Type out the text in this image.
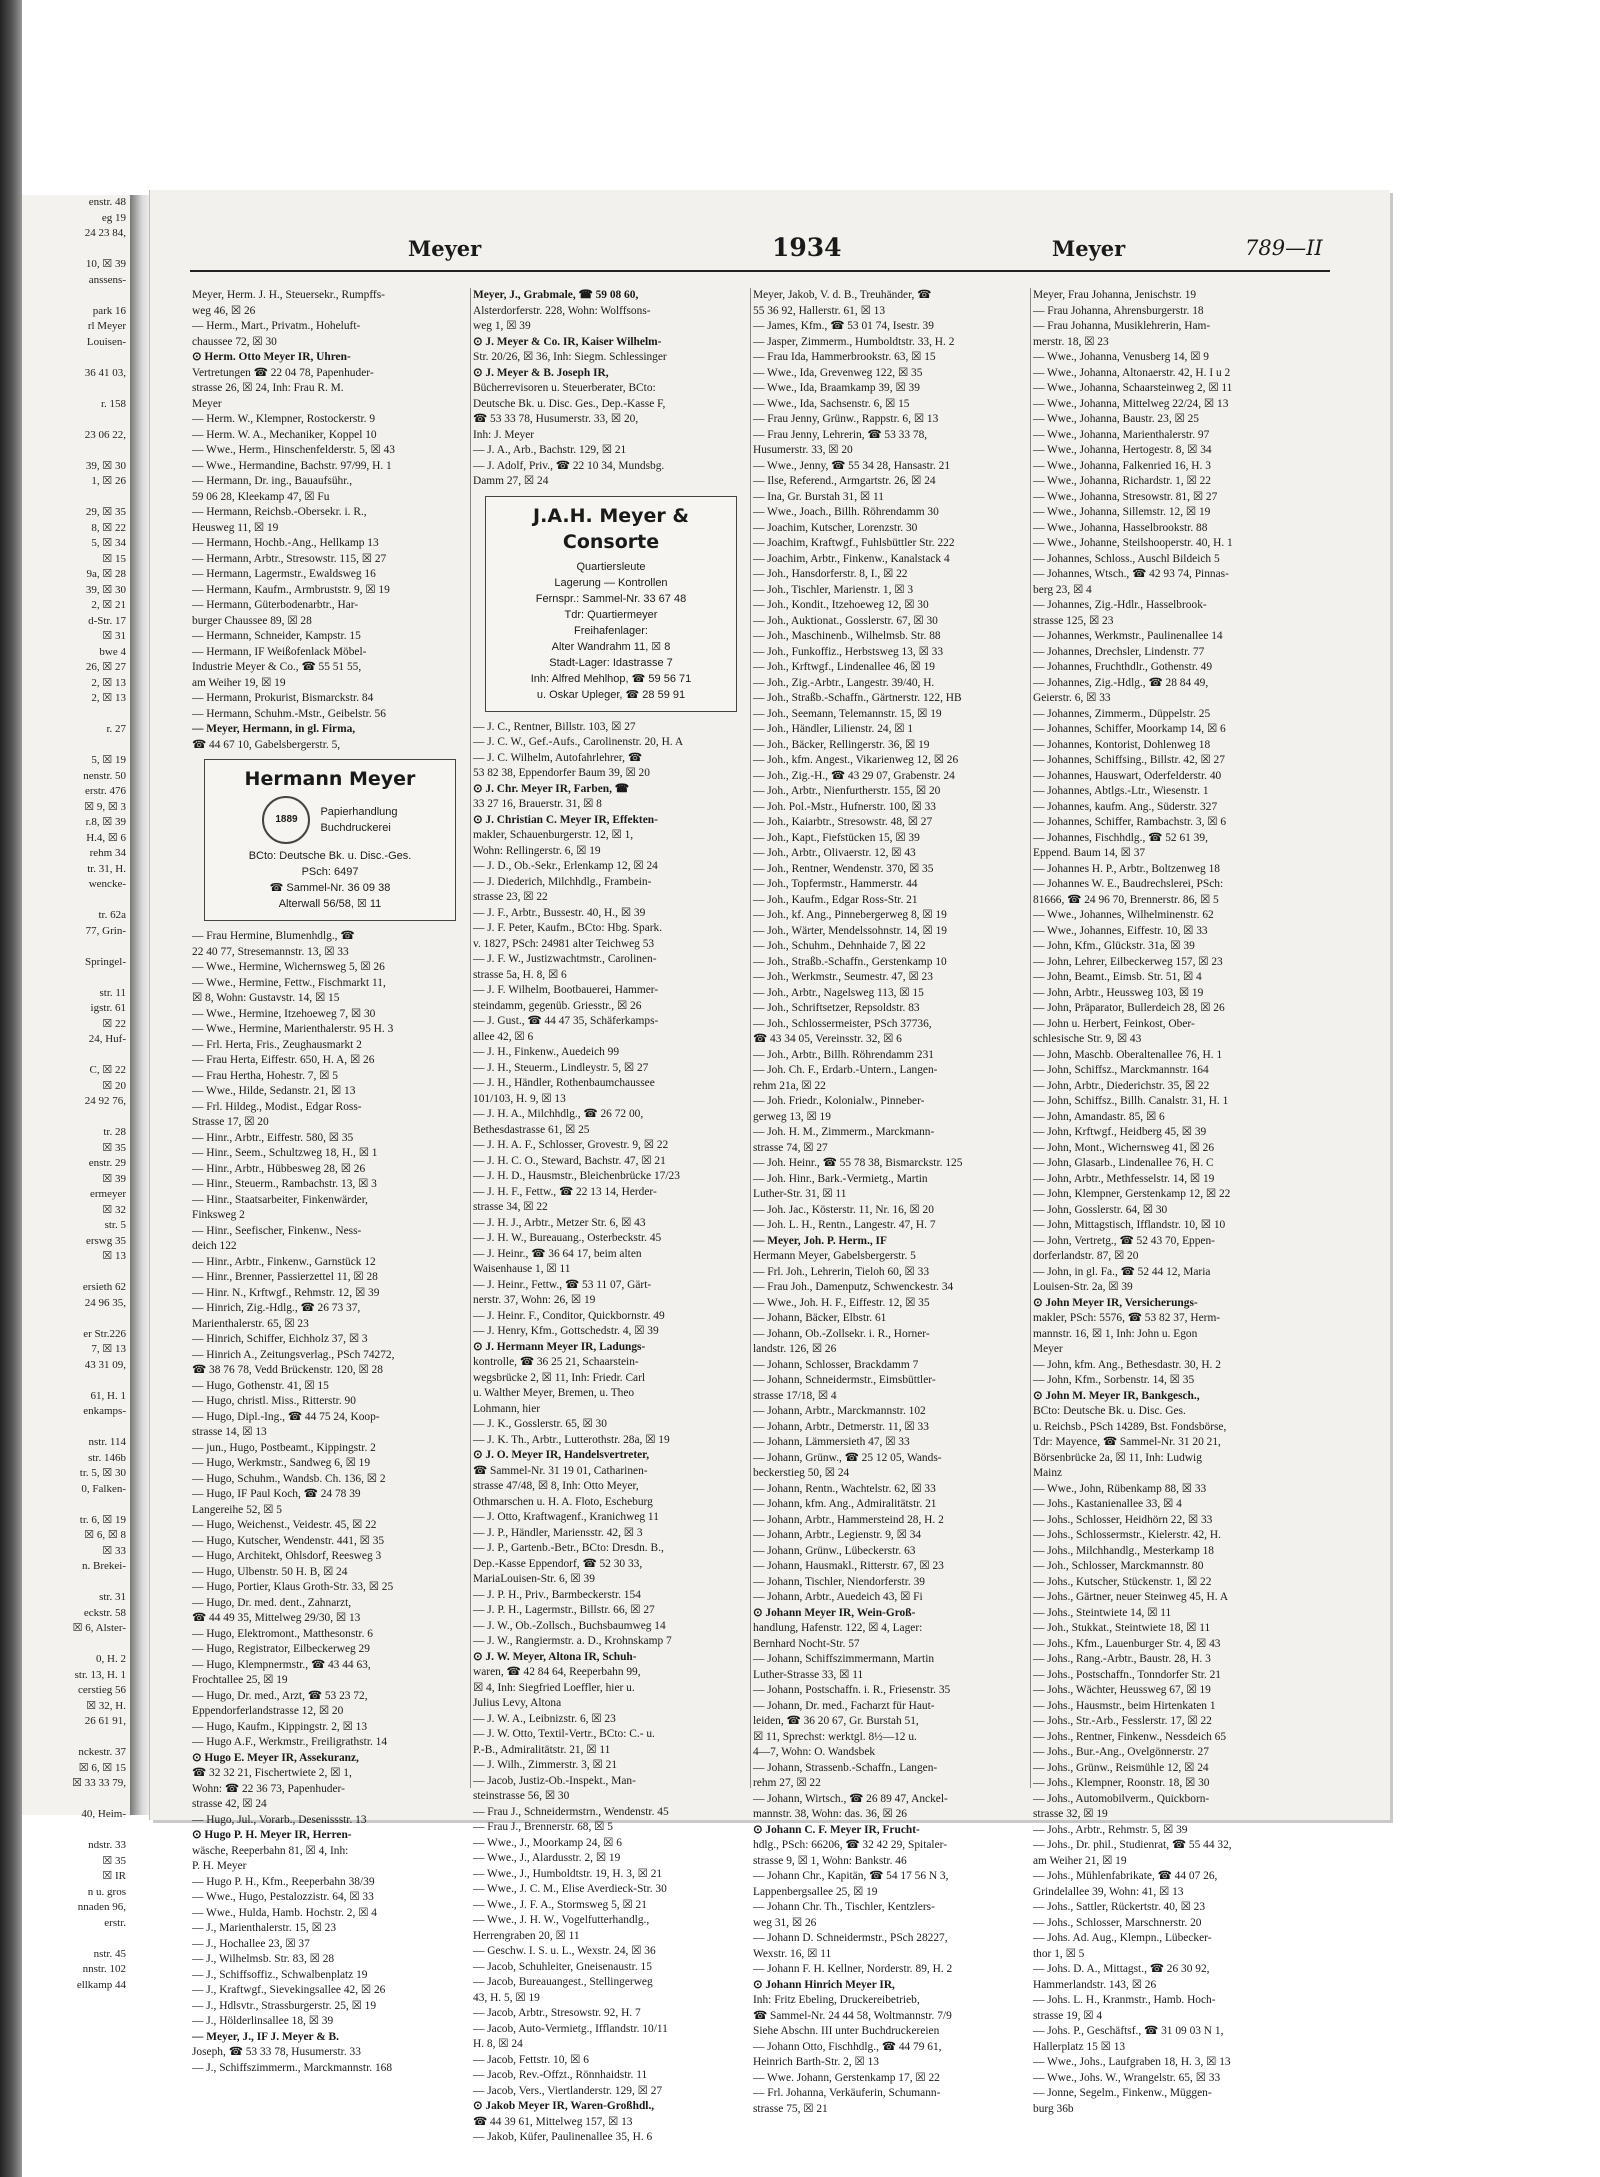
enstr. 48
eg 19
24 23 84,

10, ☒ 39
anssens-

park 16
rl Meyer
Louisen-

36 41 03,

r. 158

23 06 22,

39, ☒ 30
1, ☒ 26

29, ☒ 35
8, ☒ 22
5, ☒ 34
☒ 15
9a, ☒ 28
39, ☒ 30
2, ☒ 21
d-Str. 17
☒ 31
bwe 4
26, ☒ 27
2, ☒ 13
2, ☒ 13

r. 27

5, ☒ 19
nenstr. 50
erstr. 476
☒ 9, ☒ 3
r.8, ☒ 39
H.4, ☒ 6
rehm 34
tr. 31, H.
wencke-

tr. 62a
77, Grin-

Springel-

str. 11
igstr. 61
☒ 22
24, Huf-

C, ☒ 22
☒ 20
24 92 76,

tr. 28
☒ 35
enstr. 29
☒ 39
ermeyer
☒ 32
str. 5
erswg 35
☒ 13

ersieth 62
24 96 35,

er Str.226
7, ☒ 13
43 31 09,

61, H. 1
enkamps-

nstr. 114
str. 146b
tr. 5, ☒ 30
0, Falken-

tr. 6, ☒ 19
☒ 6, ☒ 8
☒ 33
n. Brekei-

str. 31
eckstr. 58
☒ 6, Alster-

0, H. 2
str. 13, H. 1
cerstieg 56
☒ 32, H.
26 61 91,

nckestr. 37
☒ 6, ☒ 15
☒ 33 33 79,

40, Heim-

ndstr. 33
☒ 35
☒ IR
n u. gros
nnaden 96,
erstr.

nstr. 45
nnstr. 102
ellkamp 44
Meyer	1934	Meyer	789—II
Meyer, Herm. J. H., Steuersekr., Rumpffs-
weg 46, ☒ 26
— Herm., Mart., Privatm., Hoheluft-
chaussee 72, ☒ 30
⊙ Herm. Otto Meyer IR, Uhren-
Vertretungen ☎ 22 04 78, Papenhuder-
strasse 26, ☒ 24, Inh: Frau R. M.
Meyer
— Herm. W., Klempner, Rostockerstr. 9
— Herm. W. A., Mechaniker, Koppel 10
— Wwe., Herm., Hinschenfelderstr. 5, ☒ 43
— Wwe., Hermandine, Bachstr. 97/99, H. 1
— Hermann, Dr. ing., Bauaufsühr.,
59 06 28, Kleekamp 47, ☒ Fu
— Hermann, Reichsb.-Obersekr. i. R.,
Heusweg 11, ☒ 19
— Hermann, Hochb.-Ang., Hellkamp 13
— Hermann, Arbtr., Stresowstr. 115, ☒ 27
— Hermann, Lagermstr., Ewaldsweg 16
— Hermann, Kaufm., Armbruststr. 9, ☒ 19
— Hermann, Güterbodenarbtr., Har-
burger Chaussee 89, ☒ 28
— Hermann, Schneider, Kampstr. 15
— Hermann, IF Weißofenlack Möbel-
Industrie Meyer & Co., ☎ 55 51 55,
am Weiher 19, ☒ 19
— Hermann, Prokurist, Bismarckstr. 84
— Hermann, Schuhm.-Mstr., Geibelstr. 56
— Meyer, Hermann, in gl. Firma,
☎ 44 67 10, Gabelsbergerstr. 5,
Hermann Meyer
1889
Papierhandlung
Buchdruckerei
BCto: Deutsche Bk. u. Disc.-Ges.
PSch: 6497
☎ Sammel-Nr. 36 09 38
Alterwall 56/58, ☒ 11
— Frau Hermine, Blumenhdlg., ☎
22 40 77, Stresemannstr. 13, ☒ 33
— Wwe., Hermine, Wichernsweg 5, ☒ 26
— Wwe., Hermine, Fettw., Fischmarkt 11,
☒ 8, Wohn: Gustavstr. 14, ☒ 15
— Wwe., Hermine, Itzehoeweg 7, ☒ 30
— Wwe., Hermine, Marienthalerstr. 95 H. 3
— Frl. Herta, Fris., Zeughausmarkt 2
— Frau Herta, Eiffestr. 650, H. A, ☒ 26
— Frau Hertha, Hohestr. 7, ☒ 5
— Wwe., Hilde, Sedanstr. 21, ☒ 13
— Frl. Hildeg., Modist., Edgar Ross-
Strasse 17, ☒ 20
— Hinr., Arbtr., Eiffestr. 580, ☒ 35
— Hinr., Seem., Schultzweg 18, H., ☒ 1
— Hinr., Arbtr., Hübbesweg 28, ☒ 26
— Hinr., Steuerm., Rambachstr. 13, ☒ 3
— Hinr., Staatsarbeiter, Finkenwärder,
Finksweg 2
— Hinr., Seefischer, Finkenw., Ness-
deich 122
— Hinr., Arbtr., Finkenw., Garnstück 12
— Hinr., Brenner, Passierzettel 11, ☒ 28
— Hinr. N., Krftwgf., Rehmstr. 12, ☒ 39
— Hinrich, Zig.-Hdlg., ☎ 26 73 37,
Marienthalerstr. 65, ☒ 23
— Hinrich, Schiffer, Eichholz 37, ☒ 3
— Hinrich A., Zeitungsverlag., PSch 74272,
☎ 38 76 78, Vedd Brückenstr. 120, ☒ 28
— Hugo, Gothenstr. 41, ☒ 15
— Hugo, christl. Miss., Ritterstr. 90
— Hugo, Dipl.-Ing., ☎ 44 75 24, Koop-
strasse 14, ☒ 13
— jun., Hugo, Postbeamt., Kippingstr. 2
— Hugo, Werkmstr., Sandweg 6, ☒ 19
— Hugo, Schuhm., Wandsb. Ch. 136, ☒ 2
— Hugo, IF Paul Koch, ☎ 24 78 39
Langereihe 52, ☒ 5
— Hugo, Weichenst., Veidestr. 45, ☒ 22
— Hugo, Kutscher, Wendenstr. 441, ☒ 35
— Hugo, Architekt, Ohlsdorf, Reesweg 3
— Hugo, Ulbenstr. 50 H. B, ☒ 24
— Hugo, Portier, Klaus Groth-Str. 33, ☒ 25
— Hugo, Dr. med. dent., Zahnarzt,
☎ 44 49 35, Mittelweg 29/30, ☒ 13
— Hugo, Elektromont., Matthesonstr. 6
— Hugo, Registrator, Eilbeckerweg 29
— Hugo, Klempnermstr., ☎ 43 44 63,
Frochtallee 25, ☒ 19
— Hugo, Dr. med., Arzt, ☎ 53 23 72,
Eppendorferlandstrasse 12, ☒ 20
— Hugo, Kaufm., Kippingstr. 2, ☒ 13
— Hugo A.F., Werkmstr., Freiligrathstr. 14
⊙ Hugo E. Meyer IR, Assekuranz,
☎ 32 32 21, Fischertwiete 2, ☒ 1,
Wohn: ☎ 22 36 73, Papenhuder-
strasse 42, ☒ 24
— Hugo, Jul., Vorarb., Desenissstr. 13
⊙ Hugo P. H. Meyer IR, Herren-
wäsche, Reeperbahn 81, ☒ 4, Inh:
P. H. Meyer
— Hugo P. H., Kfm., Reeperbahn 38/39
— Wwe., Hugo, Pestalozzistr. 64, ☒ 33
— Wwe., Hulda, Hamb. Hochstr. 2, ☒ 4
— J., Marienthalerstr. 15, ☒ 23
— J., Hochallee 23, ☒ 37
— J., Wilhelmsb. Str. 83, ☒ 28
— J., Schiffsoffiz., Schwalbenplatz 19
— J., Kraftwgf., Sievekingsallee 42, ☒ 26
— J., Hdlsvtr., Strassburgerstr. 25, ☒ 19
— J., Hölderlinsallee 18, ☒ 39
— Meyer, J., IF J. Meyer & B.
Joseph, ☎ 53 33 78, Husumerstr. 33
— J., Schiffszimmerm., Marckmannstr. 168
Meyer, J., Grabmale, ☎ 59 08 60,
Alsterdorferstr. 228, Wohn: Wolffsons-
weg 1, ☒ 39
⊙ J. Meyer & Co. IR, Kaiser Wilhelm-
Str. 20/26, ☒ 36, Inh: Siegm. Schlessinger
⊙ J. Meyer & B. Joseph IR,
Bücherrevisoren u. Steuerberater, BCto:
Deutsche Bk. u. Disc. Ges., Dep.-Kasse F,
☎ 53 33 78, Husumerstr. 33, ☒ 20,
Inh: J. Meyer
— J. A., Arb., Bachstr. 129, ☒ 21
— J. Adolf, Priv., ☎ 22 10 34, Mundsbg.
Damm 27, ☒ 24
J.A.H. Meyer & Consorte
Quartiersleute
Lagerung — Kontrollen
Fernspr.: Sammel-Nr. 33 67 48
Tdr: Quartiermeyer
Freihafenlager:
Alter Wandrahm 11, ☒ 8
Stadt-Lager: Idastrasse 7
Inh: Alfred Mehlhop, ☎ 59 56 71
u. Oskar Upleger, ☎ 28 59 91
— J. C., Rentner, Billstr. 103, ☒ 27
— J. C. W., Gef.-Aufs., Carolinenstr. 20, H. A
— J. C. Wilhelm, Autofahrlehrer, ☎
53 82 38, Eppendorfer Baum 39, ☒ 20
⊙ J. Chr. Meyer IR, Farben, ☎
33 27 16, Brauerstr. 31, ☒ 8
⊙ J. Christian C. Meyer IR, Effekten-
makler, Schauenburgerstr. 12, ☒ 1,
Wohn: Rellingerstr. 6, ☒ 19
— J. D., Ob.-Sekr., Erlenkamp 12, ☒ 24
— J. Diederich, Milchhdlg., Frambein-
strasse 23, ☒ 22
— J. F., Arbtr., Bussestr. 40, H., ☒ 39
— J. F. Peter, Kaufm., BCto: Hbg. Spark.
v. 1827, PSch: 24981 alter Teichweg 53
— J. F. W., Justizwachtmstr., Carolinen-
strasse 5a, H. 8, ☒ 6
— J. F. Wilhelm, Bootbauerei, Hammer-
steindamm, gegenüb. Griesstr., ☒ 26
— J. Gust., ☎ 44 47 35, Schäferkamps-
allee 42, ☒ 6
— J. H., Finkenw., Auedeich 99
— J. H., Steuerm., Lindleystr. 5, ☒ 27
— J. H., Händler, Rothenbaumchaussee
101/103, H. 9, ☒ 13
— J. H. A., Milchhdlg., ☎ 26 72 00,
Bethesdastrasse 61, ☒ 25
— J. H. A. F., Schlosser, Grovestr. 9, ☒ 22
— J. H. C. O., Steward, Bachstr. 47, ☒ 21
— J. H. D., Hausmstr., Bleichenbrücke 17/23
— J. H. F., Fettw., ☎ 22 13 14, Herder-
strasse 34, ☒ 22
— J. H. J., Arbtr., Metzer Str. 6, ☒ 43
— J. H. W., Bureauang., Osterbeckstr. 45
— J. Heinr., ☎ 36 64 17, beim alten
Waisenhause 1, ☒ 11
— J. Heinr., Fettw., ☎ 53 11 07, Gärt-
nerstr. 37, Wohn: 26, ☒ 19
— J. Heinr. F., Conditor, Quickbornstr. 49
— J. Henry, Kfm., Gottschedstr. 4, ☒ 39
⊙ J. Hermann Meyer IR, Ladungs-
kontrolle, ☎ 36 25 21, Schaarstein-
wegsbrücke 2, ☒ 11, Inh: Friedr. Carl
u. Walther Meyer, Bremen, u. Theo
Lohmann, hier
— J. K., Gosslerstr. 65, ☒ 30
— J. K. Th., Arbtr., Lutterothstr. 28a, ☒ 19
⊙ J. O. Meyer IR, Handelsvertreter,
☎ Sammel-Nr. 31 19 01, Catharinen-
strasse 47/48, ☒ 8, Inh: Otto Meyer,
Othmarschen u. H. A. Floto, Escheburg
— J. Otto, Kraftwagenf., Kranichweg 11
— J. P., Händler, Mariensstr. 42, ☒ 3
— J. P., Gartenb.-Betr., BCto: Dresdn. B.,
Dep.-Kasse Eppendorf, ☎ 52 30 33,
MariaLouisen-Str. 6, ☒ 39
— J. P. H., Priv., Barmbeckerstr. 154
— J. P. H., Lagermstr., Billstr. 66, ☒ 27
— J. W., Ob.-Zollsch., Buchsbaumweg 14
— J. W., Rangiermstr. a. D., Krohnskamp 7
⊙ J. W. Meyer, Altona IR, Schuh-
waren, ☎ 42 84 64, Reeperbahn 99,
☒ 4, Inh: Siegfried Loeffler, hier u.
Julius Levy, Altona
— J. W. A., Leibnizstr. 6, ☒ 23
— J. W. Otto, Textil-Vertr., BCto: C.- u.
P.-B., Admiralitätstr. 21, ☒ 11
— J. Wilh., Zimmerstr. 3, ☒ 21
— Jacob, Justiz-Ob.-Inspekt., Man-
steinstrasse 56, ☒ 30
— Frau J., Schneidermstrn., Wendenstr. 45
— Frau J., Brennerstr. 68, ☒ 5
— Wwe., J., Moorkamp 24, ☒ 6
— Wwe., J., Alardusstr. 2, ☒ 19
— Wwe., J., Humboldtstr. 19, H. 3, ☒ 21
— Wwe., J. C. M., Elise Averdieck-Str. 30
— Wwe., J. F. A., Stormsweg 5, ☒ 21
— Wwe., J. H. W., Vogelfutterhandlg.,
Herrengraben 20, ☒ 11
— Geschw. I. S. u. L., Wexstr. 24, ☒ 36
— Jacob, Schuhleiter, Gneisenaustr. 15
— Jacob, Bureauangest., Stellingerweg
43, H. 5, ☒ 19
— Jacob, Arbtr., Stresowstr. 92, H. 7
— Jacob, Auto-Vermietg., Ifflandstr. 10/11
H. 8, ☒ 24
— Jacob, Fettstr. 10, ☒ 6
— Jacob, Rev.-Offzt., Rönnhaidstr. 11
— Jacob, Vers., Viertlanderstr. 129, ☒ 27
⊙ Jakob Meyer IR, Waren-Großhdl.,
☎ 44 39 61, Mittelweg 157, ☒ 13
— Jakob, Küfer, Paulinenallee 35, H. 6
Meyer, Jakob, V. d. B., Treuhänder, ☎
55 36 92, Hallerstr. 61, ☒ 13
— James, Kfm., ☎ 53 01 74, Isestr. 39
— Jasper, Zimmerm., Humboldtstr. 33, H. 2
— Frau Ida, Hammerbrookstr. 63, ☒ 15
— Wwe., Ida, Grevenweg 122, ☒ 35
— Wwe., Ida, Braamkamp 39, ☒ 39
— Wwe., Ida, Sachsenstr. 6, ☒ 15
— Frau Jenny, Grünw., Rappstr. 6, ☒ 13
— Frau Jenny, Lehrerin, ☎ 53 33 78,
Husumerstr. 33, ☒ 20
— Wwe., Jenny, ☎ 55 34 28, Hansastr. 21
— Ilse, Referend., Armgartstr. 26, ☒ 24
— Ina, Gr. Burstah 31, ☒ 11
— Wwe., Joach., Billh. Röhrendamm 30
— Joachim, Kutscher, Lorenzstr. 30
— Joachim, Kraftwgf., Fuhlsbüttler Str. 222
— Joachim, Arbtr., Finkenw., Kanalstack 4
— Joh., Hansdorferstr. 8, I., ☒ 22
— Joh., Tischler, Marienstr. 1, ☒ 3
— Joh., Kondit., Itzehoeweg 12, ☒ 30
— Joh., Auktionat., Gosslerstr. 67, ☒ 30
— Joh., Maschinenb., Wilhelmsb. Str. 88
— Joh., Funkoffiz., Herbstsweg 13, ☒ 33
— Joh., Krftwgf., Lindenallee 46, ☒ 19
— Joh., Zig.-Arbtr., Langestr. 39/40, H.
— Joh., Straßb.-Schaffn., Gärtnerstr. 122, HB
— Joh., Seemann, Telemannstr. 15, ☒ 19
— Joh., Händler, Lilienstr. 24, ☒ 1
— Joh., Bäcker, Rellingerstr. 36, ☒ 19
— Joh., kfm. Angest., Vikarienweg 12, ☒ 26
— Joh., Zig.-H., ☎ 43 29 07, Grabenstr. 24
— Joh., Arbtr., Nienfurtherstr. 155, ☒ 20
— Joh. Pol.-Mstr., Hufnerstr. 100, ☒ 33
— Joh., Kaiarbtr., Stresowstr. 48, ☒ 27
— Joh., Kapt., Fiefstücken 15, ☒ 39
— Joh., Arbtr., Olivaerstr. 12, ☒ 43
— Joh., Rentner, Wendenstr. 370, ☒ 35
— Joh., Topfermstr., Hammerstr. 44
— Joh., Kaufm., Edgar Ross-Str. 21
— Joh., kf. Ang., Pinnebergerweg 8, ☒ 19
— Joh., Wärter, Mendelssohnstr. 14, ☒ 19
— Joh., Schuhm., Dehnhaide 7, ☒ 22
— Joh., Straßb.-Schaffn., Gerstenkamp 10
— Joh., Werkmstr., Seumestr. 47, ☒ 23
— Joh., Arbtr., Nagelsweg 113, ☒ 15
— Joh., Schriftsetzer, Repsoldstr. 83
— Joh., Schlossermeister, PSch 37736,
☎ 43 34 05, Vereinsstr. 32, ☒ 6
— Joh., Arbtr., Billh. Röhrendamm 231
— Joh. Ch. F., Erdarb.-Untern., Langen-
rehm 21a, ☒ 22
— Joh. Friedr., Kolonialw., Pinneber-
gerweg 13, ☒ 19
— Joh. H. M., Zimmerm., Marckmann-
strasse 74, ☒ 27
— Joh. Heinr., ☎ 55 78 38, Bismarckstr. 125
— Joh. Hinr., Bark.-Vermietg., Martin
Luther-Str. 31, ☒ 11
— Joh. Jac., Kösterstr. 11, Nr. 16, ☒ 20
— Joh. L. H., Rentn., Langestr. 47, H. 7
— Meyer, Joh. P. Herm., IF
Hermann Meyer, Gabelsbergerstr. 5
— Frl. Joh., Lehrerin, Tieloh 60, ☒ 33
— Frau Joh., Damenputz, Schwenckestr. 34
— Wwe., Joh. H. F., Eiffestr. 12, ☒ 35
— Johann, Bäcker, Elbstr. 61
— Johann, Ob.-Zollsekr. i. R., Horner-
landstr. 126, ☒ 26
— Johann, Schlosser, Brackdamm 7
— Johann, Schneidermstr., Eimsbüttler-
strasse 17/18, ☒ 4
— Johann, Arbtr., Marckmannstr. 102
— Johann, Arbtr., Detmerstr. 11, ☒ 33
— Johann, Lämmersieth 47, ☒ 33
— Johann, Grünw., ☎ 25 12 05, Wands-
beckerstieg 50, ☒ 24
— Johann, Rentn., Wachtelstr. 62, ☒ 33
— Johann, kfm. Ang., Admiralitätstr. 21
— Johann, Arbtr., Hammersteind 28, H. 2
— Johann, Arbtr., Legienstr. 9, ☒ 34
— Johann, Grünw., Lübeckerstr. 63
— Johann, Hausmakl., Ritterstr. 67, ☒ 23
— Johann, Tischler, Niendorferstr. 39
— Johann, Arbtr., Auedeich 43, ☒ Fi
⊙ Johann Meyer IR, Wein-Groß-
handlung, Hafenstr. 122, ☒ 4, Lager:
Bernhard Nocht-Str. 57
— Johann, Schiffszimmermann, Martin
Luther-Strasse 33, ☒ 11
— Johann, Postschaffn. i. R., Friesenstr. 35
— Johann, Dr. med., Facharzt für Haut-
leiden, ☎ 36 20 67, Gr. Burstah 51,
☒ 11, Sprechst: werktgl. 8½—12 u.
4—7, Wohn: O. Wandsbek
— Johann, Strassenb.-Schaffn., Langen-
rehm 27, ☒ 22
— Johann, Wirtsch., ☎ 26 89 47, Anckel-
mannstr. 38, Wohn: das. 36, ☒ 26
⊙ Johann C. F. Meyer IR, Frucht-
hdlg., PSch: 66206, ☎ 32 42 29, Spitaler-
strasse 9, ☒ 1, Wohn: Bankstr. 46
— Johann Chr., Kapitän, ☎ 54 17 56 N 3,
Lappenbergsallee 25, ☒ 19
— Johann Chr. Th., Tischler, Kentzlers-
weg 31, ☒ 26
— Johann D. Schneidermstr., PSch 28227,
Wexstr. 16, ☒ 11
— Johann F. H. Kellner, Norderstr. 89, H. 2
⊙ Johann Hinrich Meyer IR,
Inh: Fritz Ebeling, Druckereibetrieb,
☎ Sammel-Nr. 24 44 58, Woltmannstr. 7/9
Siehe Abschn. III unter Buchdruckereien
— Johann Otto, Fischhdlg., ☎ 44 79 61,
Heinrich Barth-Str. 2, ☒ 13
— Wwe. Johann, Gerstenkamp 17, ☒ 22
— Frl. Johanna, Verkäuferin, Schumann-
strasse 75, ☒ 21
Meyer, Frau Johanna, Jenischstr. 19
— Frau Johanna, Ahrensburgerstr. 18
— Frau Johanna, Musiklehrerin, Ham-
merstr. 18, ☒ 23
— Wwe., Johanna, Venusberg 14, ☒ 9
— Wwe., Johanna, Altonaerstr. 42, H. I u 2
— Wwe., Johanna, Schaarsteinweg 2, ☒ 11
— Wwe., Johanna, Mittelweg 22/24, ☒ 13
— Wwe., Johanna, Baustr. 23, ☒ 25
— Wwe., Johanna, Marienthalerstr. 97
— Wwe., Johanna, Hertogestr. 8, ☒ 34
— Wwe., Johanna, Falkenried 16, H. 3
— Wwe., Johanna, Richardstr. 1, ☒ 22
— Wwe., Johanna, Stresowstr. 81, ☒ 27
— Wwe., Johanna, Sillemstr. 12, ☒ 19
— Wwe., Johanna, Hasselbrookstr. 88
— Wwe., Johanne, Steilshooperstr. 40, H. 1
— Johannes, Schloss., Auschl Bildeich 5
— Johannes, Wtsch., ☎ 42 93 74, Pinnas-
berg 23, ☒ 4
— Johannes, Zig.-Hdlr., Hasselbrook-
strasse 125, ☒ 23
— Johannes, Werkmstr., Paulinenallee 14
— Johannes, Drechsler, Lindenstr. 77
— Johannes, Fruchthdlr., Gothenstr. 49
— Johannes, Zig.-Hdlg., ☎ 28 84 49,
Geierstr. 6, ☒ 33
— Johannes, Zimmerm., Düppelstr. 25
— Johannes, Schiffer, Moorkamp 14, ☒ 6
— Johannes, Kontorist, Dohlenweg 18
— Johannes, Schiffsing., Billstr. 42, ☒ 27
— Johannes, Hauswart, Oderfelderstr. 40
— Johannes, Abtlgs.-Ltr., Wiesenstr. 1
— Johannes, kaufm. Ang., Süderstr. 327
— Johannes, Schiffer, Rambachstr. 3, ☒ 6
— Johannes, Fischhdlg., ☎ 52 61 39,
Eppend. Baum 14, ☒ 37
— Johannes H. P., Arbtr., Boltzenweg 18
— Johannes W. E., Baudrechslerei, PSch:
81666, ☎ 24 96 70, Brennerstr. 86, ☒ 5
— Wwe., Johannes, Wilhelminenstr. 62
— Wwe., Johannes, Eiffestr. 10, ☒ 33
— John, Kfm., Glückstr. 31a, ☒ 39
— John, Lehrer, Eilbeckerweg 157, ☒ 23
— John, Beamt., Eimsb. Str. 51, ☒ 4
— John, Arbtr., Heussweg 103, ☒ 19
— John, Präparator, Bullerdeich 28, ☒ 26
— John u. Herbert, Feinkost, Ober-
schlesische Str. 9, ☒ 43
— John, Maschb. Oberaltenallee 76, H. 1
— John, Schiffsz., Marckmannstr. 164
— John, Arbtr., Diederichstr. 35, ☒ 22
— John, Schiffsz., Billh. Canalstr. 31, H. 1
— John, Amandastr. 85, ☒ 6
— John, Krftwgf., Heidberg 45, ☒ 39
— John, Mont., Wichernsweg 41, ☒ 26
— John, Glasarb., Lindenallee 76, H. C
— John, Arbtr., Methfesselstr. 14, ☒ 19
— John, Klempner, Gerstenkamp 12, ☒ 22
— John, Gosslerstr. 64, ☒ 30
— John, Mittagstisch, Ifflandstr. 10, ☒ 10
— John, Vertretg., ☎ 52 43 70, Eppen-
dorferlandstr. 87, ☒ 20
— John, in gl. Fa., ☎ 52 44 12, Maria
Louisen-Str. 2a, ☒ 39
⊙ John Meyer IR, Versicherungs-
makler, PSch: 5576, ☎ 53 82 37, Herm-
mannstr. 16, ☒ 1, Inh: John u. Egon
Meyer
— John, kfm. Ang., Bethesdastr. 30, H. 2
— John, Kfm., Sorbenstr. 14, ☒ 35
⊙ John M. Meyer IR, Bankgesch.,
BCto: Deutsche Bk. u. Disc. Ges.
u. Reichsb., PSch 14289, Bst. Fondsbörse,
Tdr: Mayence, ☎ Sammel-Nr. 31 20 21,
Börsenbrücke 2a, ☒ 11, Inh: Ludwig
Mainz
— Wwe., John, Rübenkamp 88, ☒ 33
— Johs., Kastanienallee 33, ☒ 4
— Johs., Schlosser, Heidhörn 22, ☒ 33
— Johs., Schlossermstr., Kielerstr. 42, H.
— Johs., Milchhandlg., Mesterkamp 18
— Joh., Schlosser, Marckmannstr. 80
— Johs., Kutscher, Stückenstr. 1, ☒ 22
— Johs., Gärtner, neuer Steinweg 45, H. A
— Johs., Steintwiete 14, ☒ 11
— Joh., Stukkat., Steintwiete 18, ☒ 11
— Johs., Kfm., Lauenburger Str. 4, ☒ 43
— Johs., Rang.-Arbtr., Baustr. 28, H. 3
— Johs., Postschaffn., Tonndorfer Str. 21
— Johs., Wächter, Heussweg 67, ☒ 19
— Johs., Hausmstr., beim Hirtenkaten 1
— Johs., Str.-Arb., Fesslerstr. 17, ☒ 22
— Johs., Rentner, Finkenw., Nessdeich 65
— Johs., Bur.-Ang., Ovelgönnerstr. 27
— Johs., Grünw., Reismühle 12, ☒ 24
— Johs., Klempner, Roonstr. 18, ☒ 30
— Johs., Automobilverm., Quickborn-
strasse 32, ☒ 19
— Johs., Arbtr., Rehmstr. 5, ☒ 39
— Johs., Dr. phil., Studienrat, ☎ 55 44 32,
am Weiher 21, ☒ 19
— Johs., Mühlenfabrikate, ☎ 44 07 26,
Grindelallee 39, Wohn: 41, ☒ 13
— Johs., Sattler, Rückertstr. 40, ☒ 23
— Johs., Schlosser, Marschnerstr. 20
— Johs. Ad. Aug., Klempn., Lübecker-
thor 1, ☒ 5
— Johs. D. A., Mittagst., ☎ 26 30 92,
Hammerlandstr. 143, ☒ 26
— Johs. L. H., Kranmstr., Hamb. Hoch-
strasse 19, ☒ 4
— Johs. P., Geschäftsf., ☎ 31 09 03 N 1,
Hallerplatz 15 ☒ 13
— Wwe., Johs., Laufgraben 18, H. 3, ☒ 13
— Wwe., Johs. W., Wrangelstr. 65, ☒ 33
— Jonne, Segelm., Finkenw., Müggen-
burg 36b
